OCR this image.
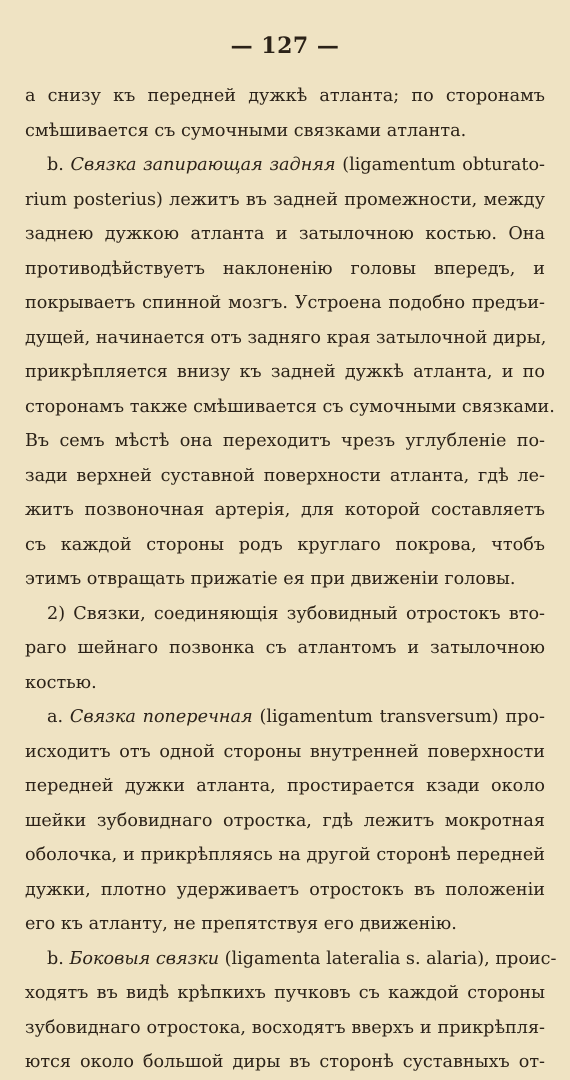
— 127 —
а снизу къ передней дужкѣ атланта; по сторонамъ
смѣшивается съ сумочными связками атланта.
b. Связка запирающая задняя (ligamentum obturato-
rium posterius) лежитъ въ задней промежности, между
заднею дужкою атланта и затылочною костью. Она
противодѣйствуетъ наклоненію головы впередъ, и
покрываетъ спинной мозгъ. Устроена подобно предъи-
дущей, начинается отъ задняго края затылочной диры,
прикрѣпляется внизу къ задней дужкѣ атланта, и по
сторонамъ также смѣшивается съ сумочными связками.
Въ семъ мѣстѣ она переходитъ чрезъ углубленіе по-
зади верхней суставной поверхности атланта, гдѣ ле-
житъ позвоночная артерія, для которой составляетъ
съ каждой стороны родъ круглаго покрова, чтобъ
этимъ отвращать прижатіе ея при движеніи головы.
2) Связки, соединяющія зубовидный отростокъ вто-
раго шейнаго позвонка съ атлантомъ и затылочною
костью.
a. Связка поперечная (ligamentum transversum) про-
исходитъ отъ одной стороны внутренней поверхности
передней дужки атланта, простирается кзади около
шейки зубовиднаго отростка, гдѣ лежитъ мокротная
оболочка, и прикрѣпляясь на другой сторонѣ передней
дужки, плотно удерживаетъ отростокъ въ положеніи
его къ атланту, не препятствуя его движенію.
b. Боковыя связки (ligamenta lateralia s. alaria), проис-
ходятъ въ видѣ крѣпкихъ пучковъ съ каждой стороны
зубовиднаго отростока, восходятъ вверхъ и прикрѣпля-
ются около большой диры въ сторонѣ суставныхъ от-
